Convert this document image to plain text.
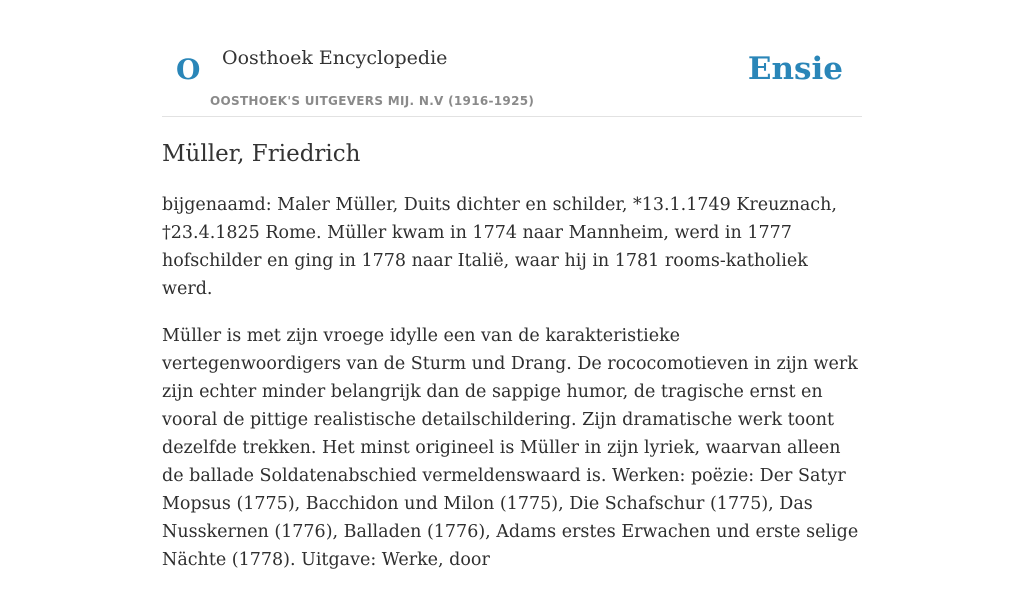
O Oosthoek Encyclopedie
OOSTHOEK'S UITGEVERS MIJ. N.V (1916-1925)
Ensie
Müller, Friedrich

bijgenaamd: Maler Müller, Duits dichter en schilder, *13.1.1749 Kreuznach, †23.4.1825 Rome. Müller kwam in 1774 naar Mannheim, werd in 1777 hofschilder en ging in 1778 naar Italië, waar hij in 1781 rooms-katholiek werd.

Müller is met zijn vroege idylle een van de karakteristieke vertegenwoordigers van de Sturm und Drang. De rococomotieven in zijn werk zijn echter minder belangrijk dan de sappige humor, de tragische ernst en vooral de pittige realistische detailschildering. Zijn dramatische werk toont dezelfde trekken. Het minst origineel is Müller in zijn lyriek, waarvan alleen de ballade Soldatenabschied vermeldenswaard is. Werken: poëzie: Der Satyr Mopsus (1775), Bacchidon und Milon (1775), Die Schafschur (1775), Das Nusskernen (1776), Balladen (1776), Adams erstes Erwachen und erste selige Nächte (1778). Uitgave: Werke, door
